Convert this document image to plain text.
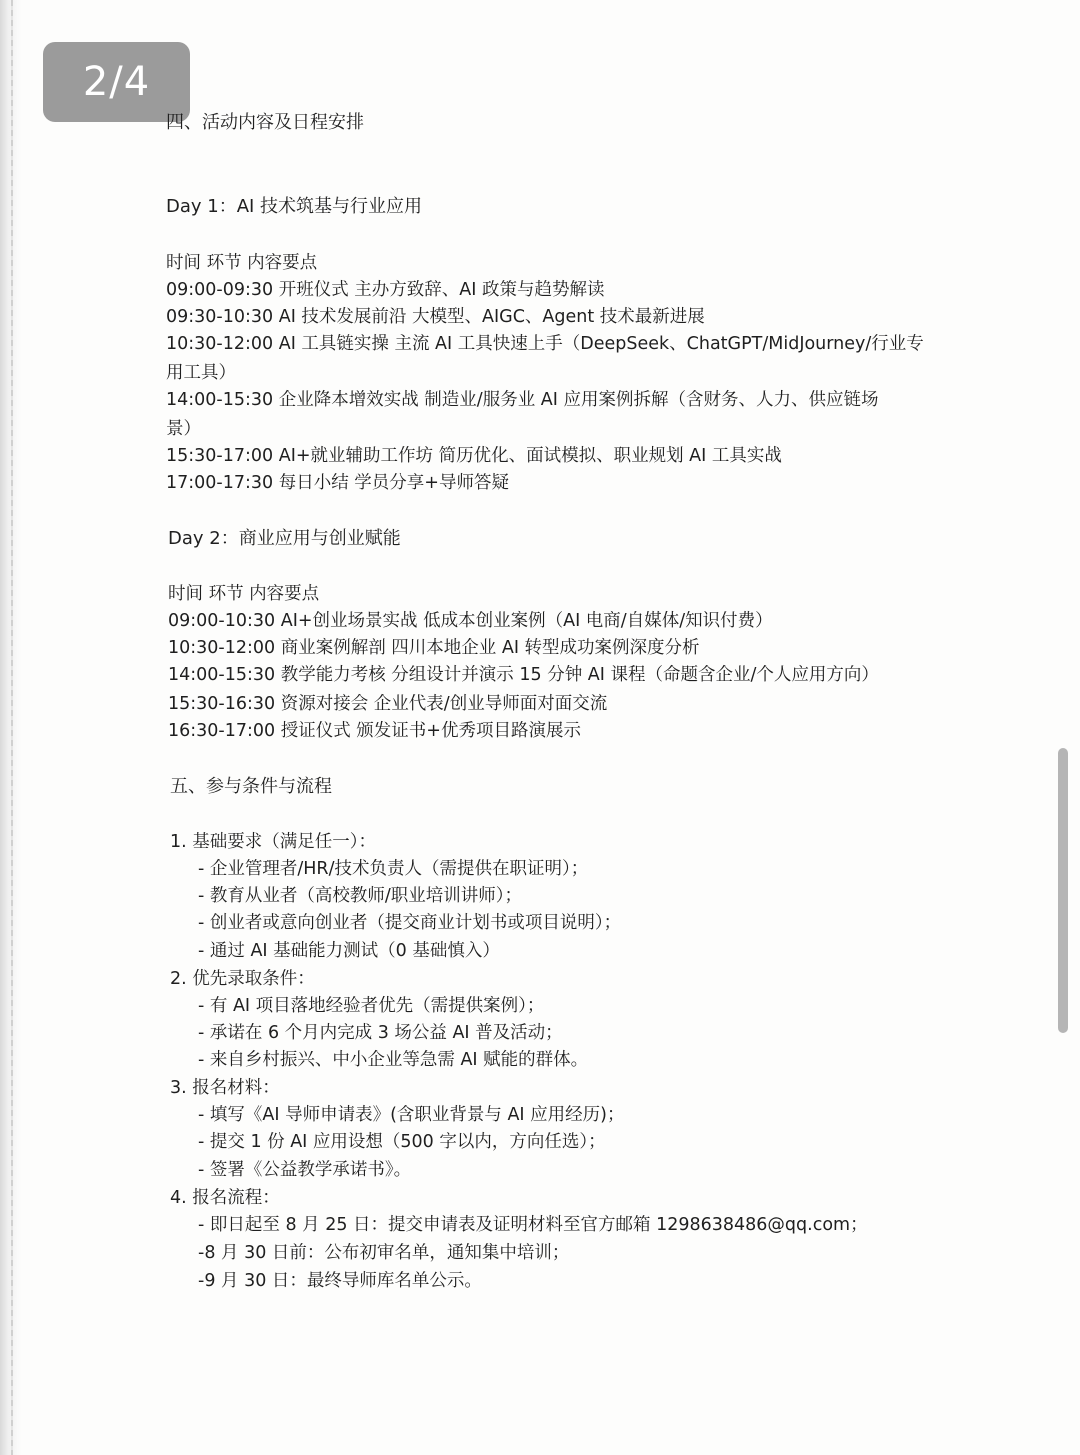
2/4
四、活动内容及日程安排
Day 1：AI 技术筑基与行业应用
时间 环节 内容要点
09:00-09:30 开班仪式 主办方致辞、AI 政策与趋势解读
09:30-10:30 AI 技术发展前沿 大模型、AIGC、Agent 技术最新进展
10:30-12:00 AI 工具链实操 主流 AI 工具快速上手（DeepSeek、ChatGPT/MidJourney/行业专
用工具）
14:00-15:30 企业降本增效实战 制造业/服务业 AI 应用案例拆解（含财务、人力、供应链场
景）
15:30-17:00 AI+就业辅助工作坊 简历优化、面试模拟、职业规划 AI 工具实战
17:00-17:30 每日小结 学员分享+导师答疑
Day 2：商业应用与创业赋能
时间 环节 内容要点
09:00-10:30 AI+创业场景实战 低成本创业案例（AI 电商/自媒体/知识付费）
10:30-12:00 商业案例解剖 四川本地企业 AI 转型成功案例深度分析
14:00-15:30 教学能力考核 分组设计并演示 15 分钟 AI 课程（命题含企业/个人应用方向）
15:30-16:30 资源对接会 企业代表/创业导师面对面交流
16:30-17:00 授证仪式 颁发证书+优秀项目路演展示
五、参与条件与流程
1. 基础要求（满足任一）：
- 企业管理者/HR/技术负责人（需提供在职证明）；
- 教育从业者（高校教师/职业培训讲师）；
- 创业者或意向创业者（提交商业计划书或项目说明）；
- 通过 AI 基础能力测试（0 基础慎入）
2. 优先录取条件：
- 有 AI 项目落地经验者优先（需提供案例）；
- 承诺在 6 个月内完成 3 场公益 AI 普及活动；
- 来自乡村振兴、中小企业等急需 AI 赋能的群体。
3. 报名材料：
- 填写《AI 导师申请表》(含职业背景与 AI 应用经历)；
- 提交 1 份 AI 应用设想（500 字以内，方向任选）；
- 签署《公益教学承诺书》。
4. 报名流程：
- 即日起至 8 月 25 日：提交申请表及证明材料至官方邮箱 1298638486@qq.com；
-8 月 30 日前：公布初审名单，通知集中培训；
-9 月 30 日：最终导师库名单公示。
